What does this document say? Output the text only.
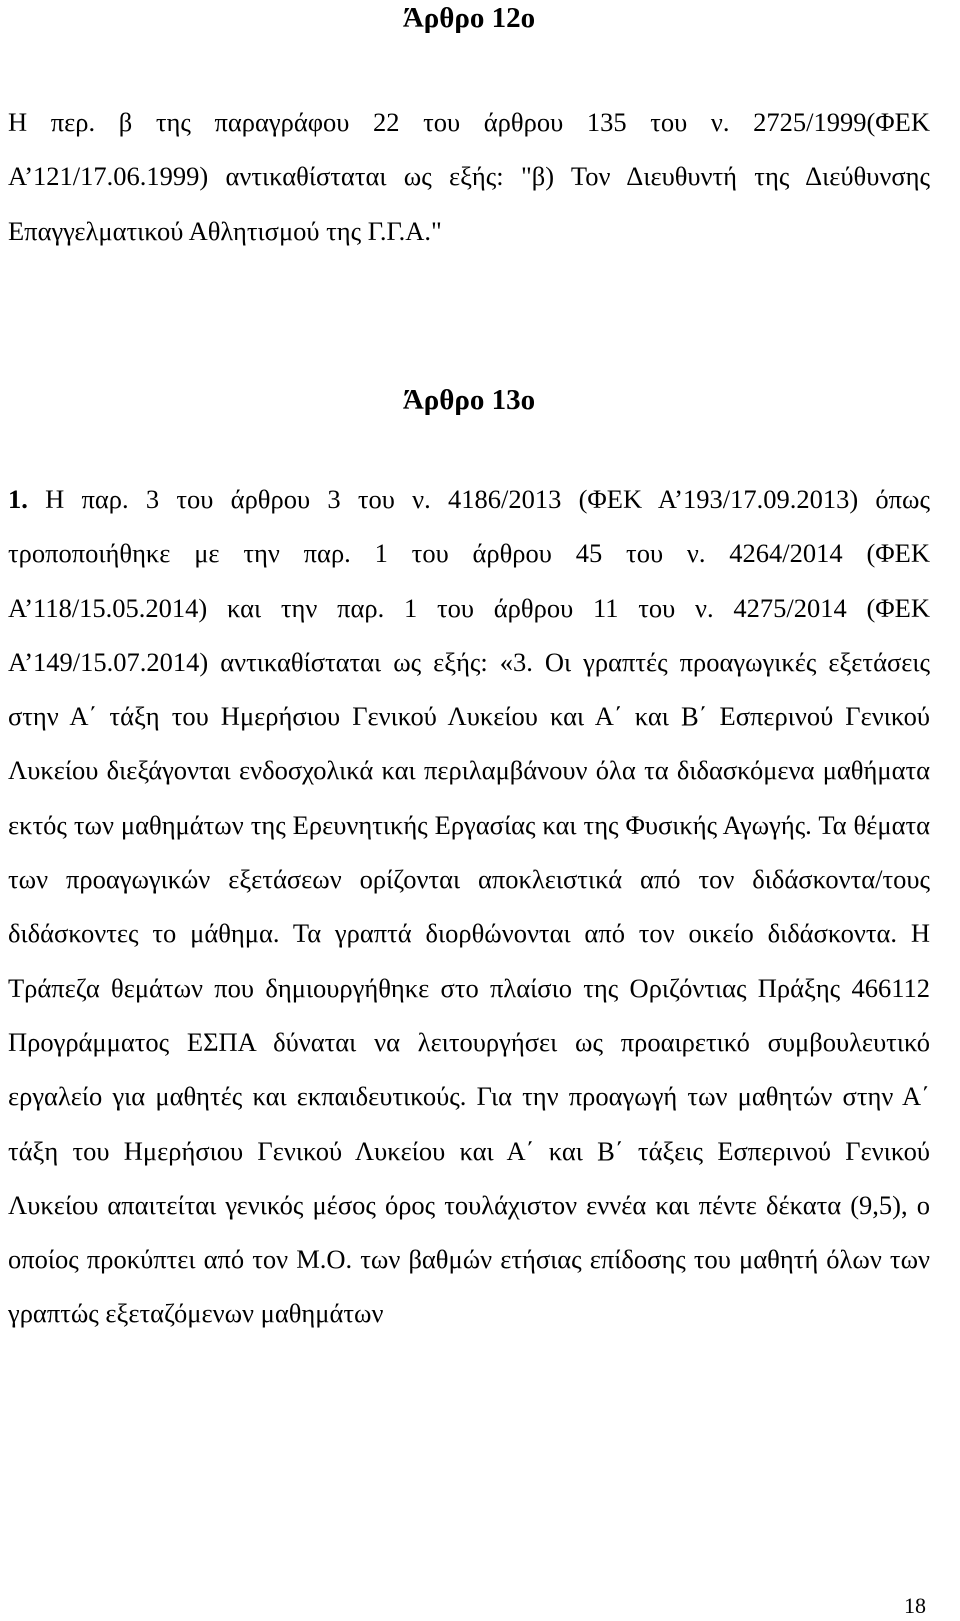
Άρθρο 12ο

Η περ. β της παραγράφου 22 του άρθρου 135 του ν. 2725/1999(ΦΕΚ Α’121/17.06.1999) αντικαθίσταται ως εξής: "β) Τον Διευθυντή της Διεύθυνσης Επαγγελματικού Αθλητισμού της Γ.Γ.Α."

Άρθρο 13ο

1. Η παρ. 3 του άρθρου 3 του ν. 4186/2013 (ΦΕΚ Α’193/17.09.2013) όπως τροποποιήθηκε με την παρ. 1 του άρθρου 45 του ν. 4264/2014 (ΦΕΚ Α’118/15.05.2014) και την παρ. 1 του άρθρου 11 του ν. 4275/2014 (ΦΕΚ Α’149/15.07.2014) αντικαθίσταται ως εξής: «3. Οι γραπτές προαγωγικές εξετάσεις στην Α΄ τάξη του Ημερήσιου Γενικού Λυκείου και Α΄ και Β΄ Εσπερινού Γενικού Λυκείου διεξάγονται ενδοσχολικά και περιλαμβάνουν όλα τα διδασκόμενα μαθήματα εκτός των μαθημάτων της Ερευνητικής Εργασίας και της Φυσικής Αγωγής. Τα θέματα των προαγωγικών εξετάσεων ορίζονται αποκλειστικά από τον διδάσκοντα/τους διδάσκοντες το μάθημα. Τα γραπτά διορθώνονται από τον οικείο διδάσκοντα. Η Τράπεζα θεμάτων που δημιουργήθηκε στο πλαίσιο της Οριζόντιας Πράξης 466112 Προγράμματος ΕΣΠΑ δύναται να λειτουργήσει ως προαιρετικό συμβουλευτικό εργαλείο για μαθητές και εκπαιδευτικούς. Για την προαγωγή των μαθητών στην Α΄ τάξη του Ημερήσιου Γενικού Λυκείου και Α΄ και Β΄ τάξεις Εσπερινού Γενικού Λυκείου απαιτείται γενικός μέσος όρος τουλάχιστον εννέα και πέντε δέκατα (9,5), ο οποίος προκύπτει από τον Μ.Ο. των βαθμών ετήσιας επίδοσης του μαθητή όλων των γραπτώς εξεταζόμενων μαθημάτων

18
